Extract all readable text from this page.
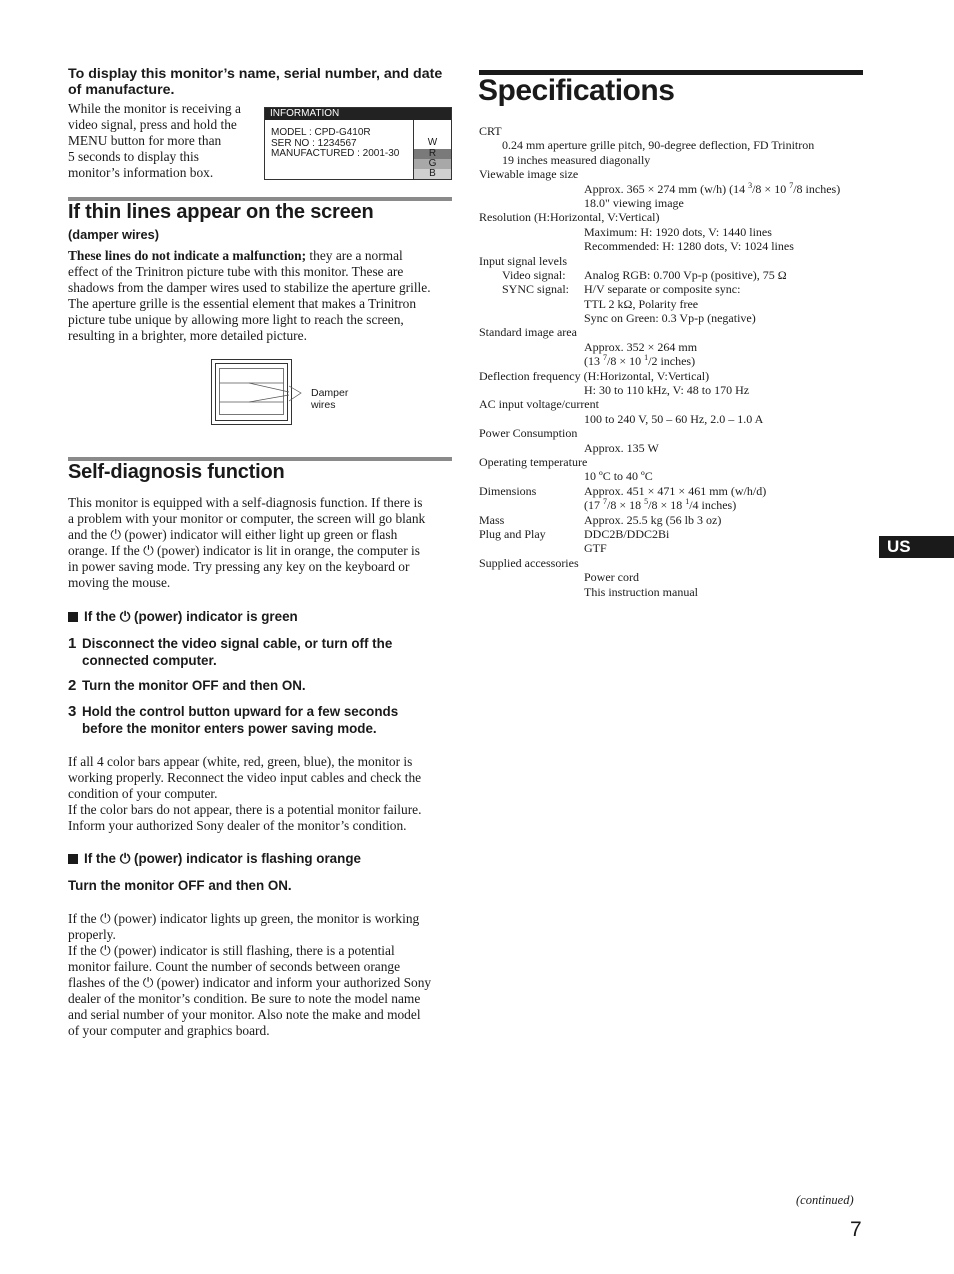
To display this monitor’s name, serial number, and date of manufacture.
While the monitor is receiving a
video signal, press and hold the
MENU button for more than
5 seconds to display this
monitor’s information box.
INFORMATION
MODEL : CPD-G410R
SER NO : 1234567
MANUFACTURED : 2001-30
W
R
G
B
If thin lines appear on the screen
(damper wires)
These lines do not indicate a malfunction; they are a normal
effect of the Trinitron picture tube with this monitor. These are
shadows from the damper wires used to stabilize the aperture grille.
The aperture grille is the essential element that makes a Trinitron
picture tube unique by allowing more light to reach the screen,
resulting in a brighter, more detailed picture.
Damper
wires
Self-diagnosis function
This monitor is equipped with a self-diagnosis function. If there is
a problem with your monitor or computer, the screen will go blank
and the ⏻ (power) indicator will either light up green or flash
orange. If the ⏻ (power) indicator is lit in orange, the computer is
in power saving mode. Try pressing any key on the keyboard or
moving the mouse.
If the ⏻ (power) indicator is green
1 Disconnect the video signal cable, or turn off the
connected computer.
2 Turn the monitor OFF and then ON.
3 Hold the control button upward for a few seconds
before the monitor enters power saving mode.
If all 4 color bars appear (white, red, green, blue), the monitor is
working properly. Reconnect the video input cables and check the
condition of your computer.
If the color bars do not appear, there is a potential monitor failure.
Inform your authorized Sony dealer of the monitor’s condition.
If the ⏻ (power) indicator is flashing orange
Turn the monitor OFF and then ON.
If the ⏻ (power) indicator lights up green, the monitor is working
properly.
If the ⏻ (power) indicator is still flashing, there is a potential
monitor failure. Count the number of seconds between orange
flashes of the ⏻ (power) indicator and inform your authorized Sony
dealer of the monitor’s condition. Be sure to note the model name
and serial number of your monitor. Also note the make and model
of your computer and graphics board.
Specifications
CRT
0.24 mm aperture grille pitch, 90-degree deflection, FD Trinitron
19 inches measured diagonally
Viewable image size
Approx. 365 × 274 mm (w/h) (14 $^3$/8 × 10 $^7$/8 inches)
18.0" viewing image
Resolution (H:Horizontal, V:Vertical)
Maximum: H: 1920 dots, V: 1440 lines
Recommended: H: 1280 dots, V: 1024 lines
Input signal levels
Video signal: Analog RGB: 0.700 Vp-p (positive), 75 Ω
SYNC signal: H/V separate or composite sync:
TTL 2 kΩ, Polarity free
Sync on Green: 0.3 Vp-p (negative)
Standard image area
Approx. 352 × 264 mm
(13 $^7$/8 × 10 $^1$/2 inches)
Deflection frequency (H:Horizontal, V:Vertical)
H: 30 to 110 kHz, V: 48 to 170 Hz
AC input voltage/current
100 to 240 V, 50 – 60 Hz, 2.0 – 1.0 A
Power Consumption
Approx. 135 W
Operating temperature
10 ºC to 40 ºC
Dimensions	Approx. 451 × 471 × 461 mm (w/h/d)
(17 $^7$/8 × 18 $^5$/8 × 18 $^1$/4 inches)
Mass	Approx. 25.5 kg (56 lb 3 oz)
Plug and Play	DDC2B/DDC2Bi
GTF
Supplied accessories
Power cord
This instruction manual
US
(continued)
7
